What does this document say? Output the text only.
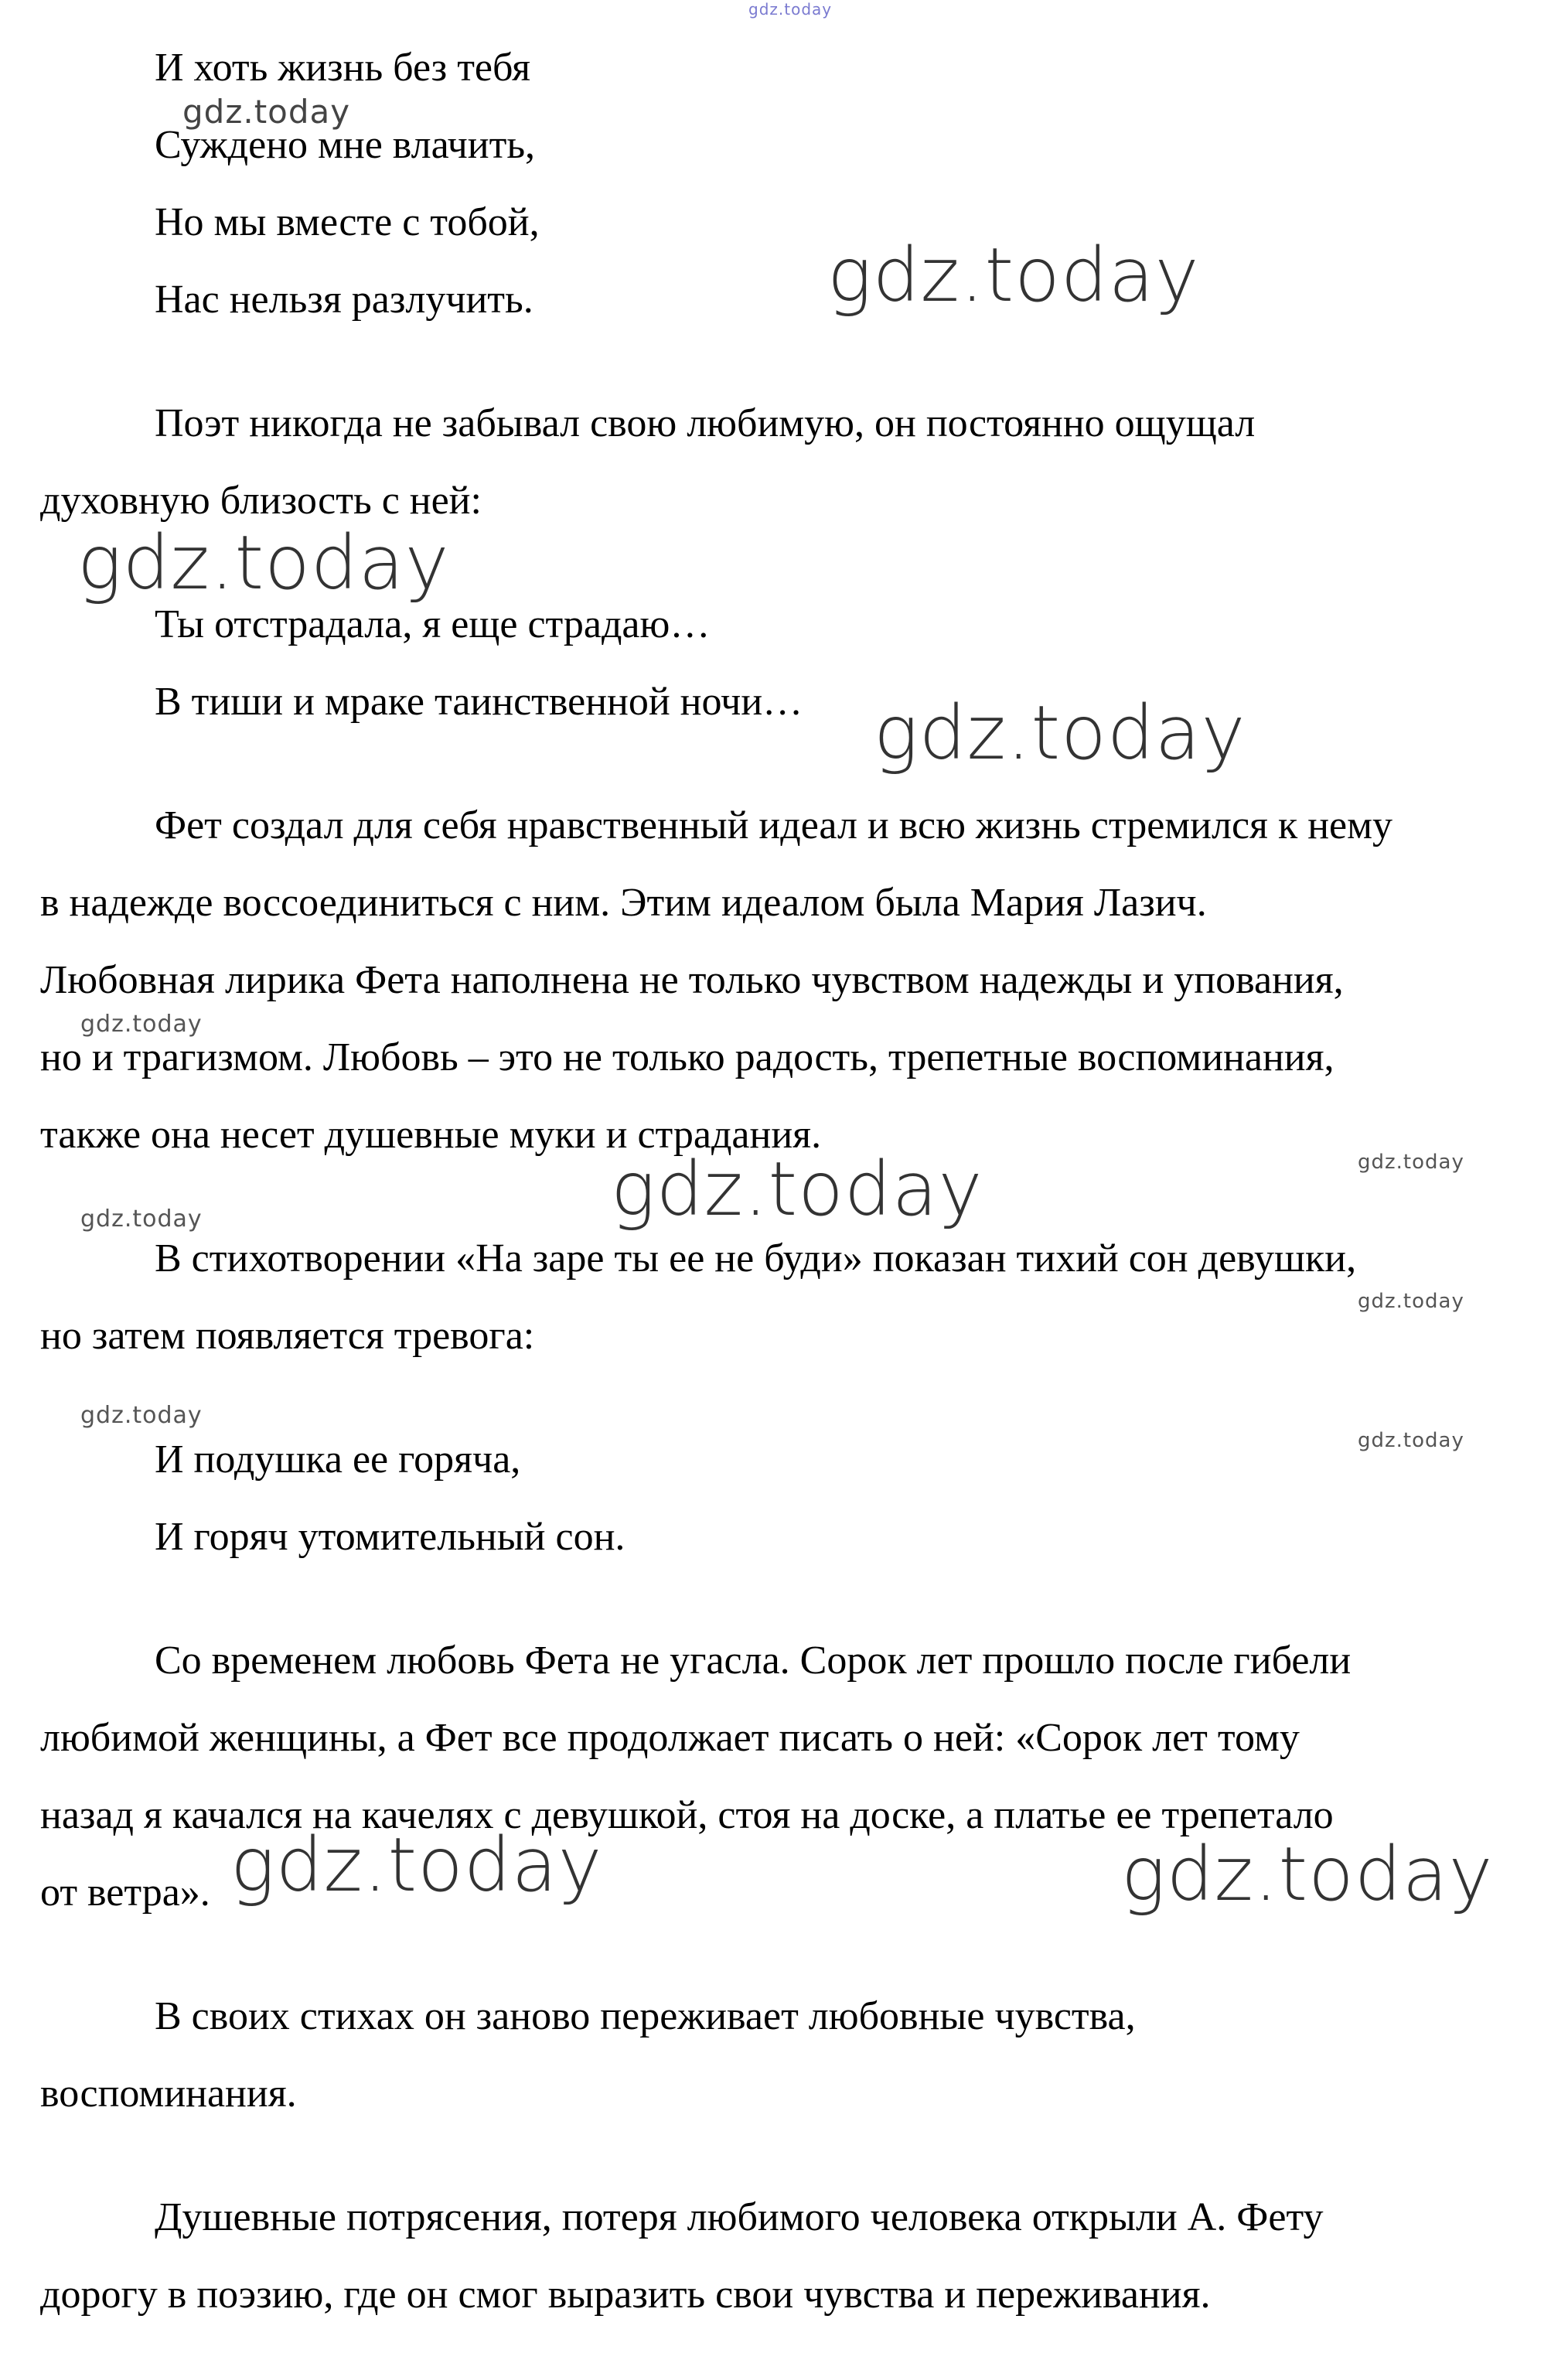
И хоть жизнь без тебя

Суждено мне влачить,

Но мы вместе с тобой,

Нас нельзя разлучить.

Поэт никогда не забывал свою любимую, он постоянно ощущал

духовную близость с ней:

Ты отстрадала, я еще страдаю…

В тиши и мраке таинственной ночи…

Фет создал для себя нравственный идеал и всю жизнь стремился к нему

в надежде воссоединиться с ним. Этим идеалом была Мария Лазич.

Любовная лирика Фета наполнена не только чувством надежды и упования,

но и трагизмом. Любовь – это не только радость, трепетные воспоминания,

также она несет душевные муки и страдания.

В стихотворении «На заре ты ее не буди» показан тихий сон девушки,

но затем появляется тревога:

И подушка ее горяча,

И горяч утомительный сон.

Со временем любовь Фета не угасла. Сорок лет прошло после гибели

любимой женщины, а Фет все продолжает писать о ней: «Сорок лет тому

назад я качался на качелях с девушкой, стоя на доске, а платье ее трепетало

от ветра».

В своих стихах он заново переживает любовные чувства,

воспоминания.

Душевные потрясения, потеря любимого человека открыли А. Фету

дорогу в поэзию, где он смог выразить свои чувства и переживания.

gdz.today
gdz.today
gdz.today
gdz.today
gdz.today
gdz.today
gdz.today
gdz.today
gdz.today
gdz.today
gdz.today
gdz.today
gdz.today	gdz.today
